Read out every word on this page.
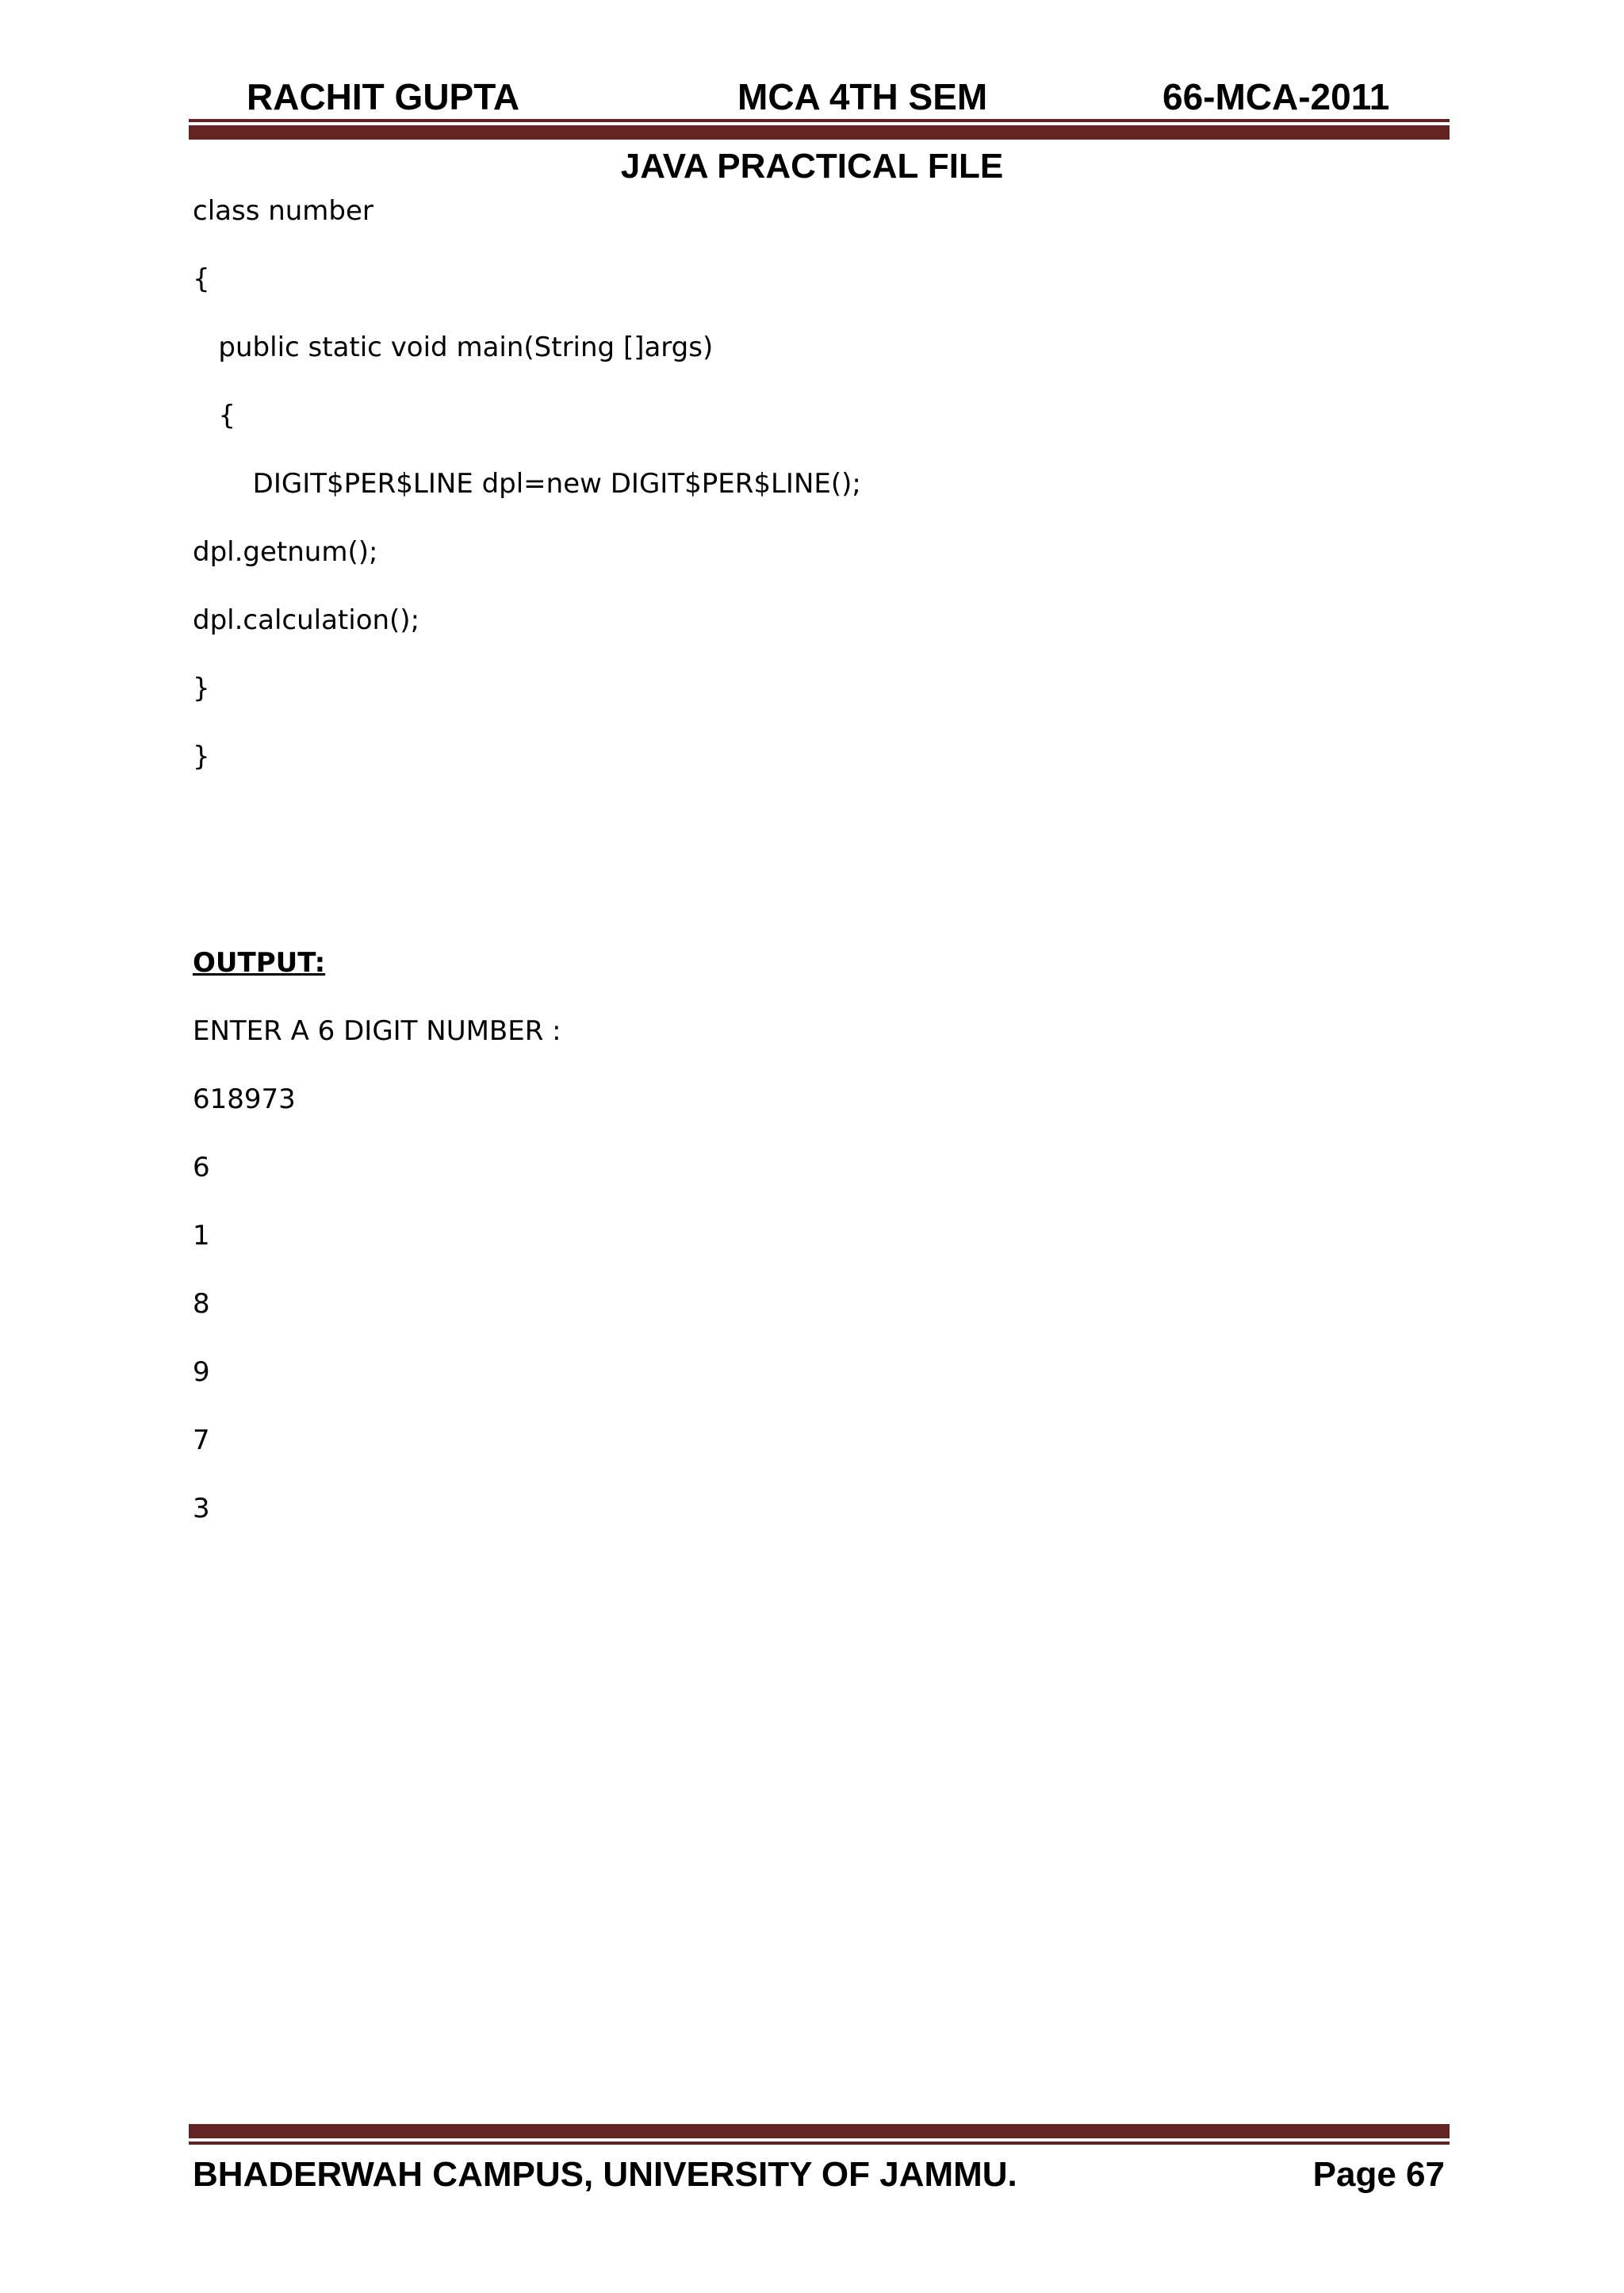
RACHIT GUPTA	MCA 4TH SEM	66-MCA-2011
JAVA PRACTICAL FILE
class number
{
public static void main(String []args)
{
DIGIT$PER$LINE dpl=new DIGIT$PER$LINE();
dpl.getnum();
dpl.calculation();
}
}
OUTPUT:
ENTER A 6 DIGIT NUMBER :
618973
6
1
8
9
7
3
BHADERWAH CAMPUS, UNIVERSITY OF JAMMU.	Page 67
